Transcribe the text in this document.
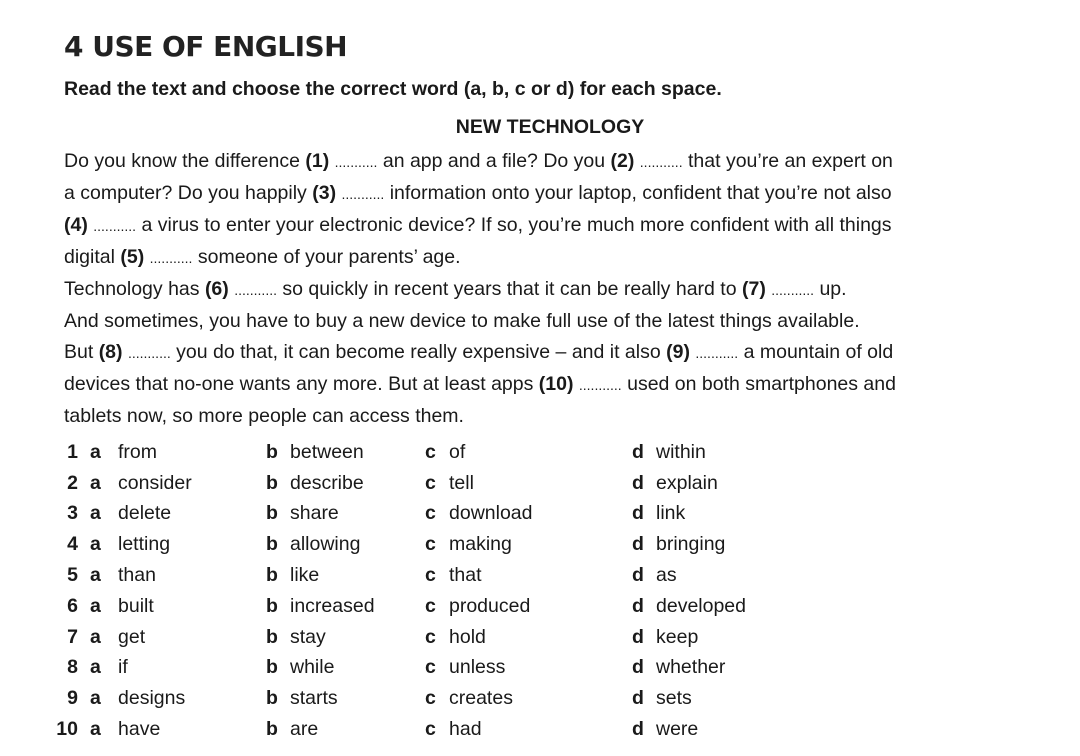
4 USE OF ENGLISH

Read the text and choose the correct word (a, b, c or d) for each space.

NEW TECHNOLOGY
Do you know the difference (1) ........... an app and a file? Do you (2) ........... that you’re an expert on
a computer? Do you happily (3) ........... information onto your laptop, confident that you’re not also
(4) ........... a virus to enter your electronic device? If so, you’re much more confident with all things
digital (5) ........... someone of your parents’ age.
Technology has (6) ........... so quickly in recent years that it can be really hard to (7) ........... up.
And sometimes, you have to buy a new device to make full use of the latest things available.
But (8) ........... you do that, it can become really expensive – and it also (9) ........... a mountain of old
devices that no-one wants any more. But at least apps (10) ........... used on both smartphones and
tablets now, so more people can access them.
1	a	from	b	between	c	of	d	within
2	a	consider	b	describe	c	tell	d	explain
3	a	delete	b	share	c	download	d	link
4	a	letting	b	allowing	c	making	d	bringing
5	a	than	b	like	c	that	d	as
6	a	built	b	increased	c	produced	d	developed
7	a	get	b	stay	c	hold	d	keep
8	a	if	b	while	c	unless	d	whether
9	a	designs	b	starts	c	creates	d	sets
10	a	have	b	are	c	had	d	were
